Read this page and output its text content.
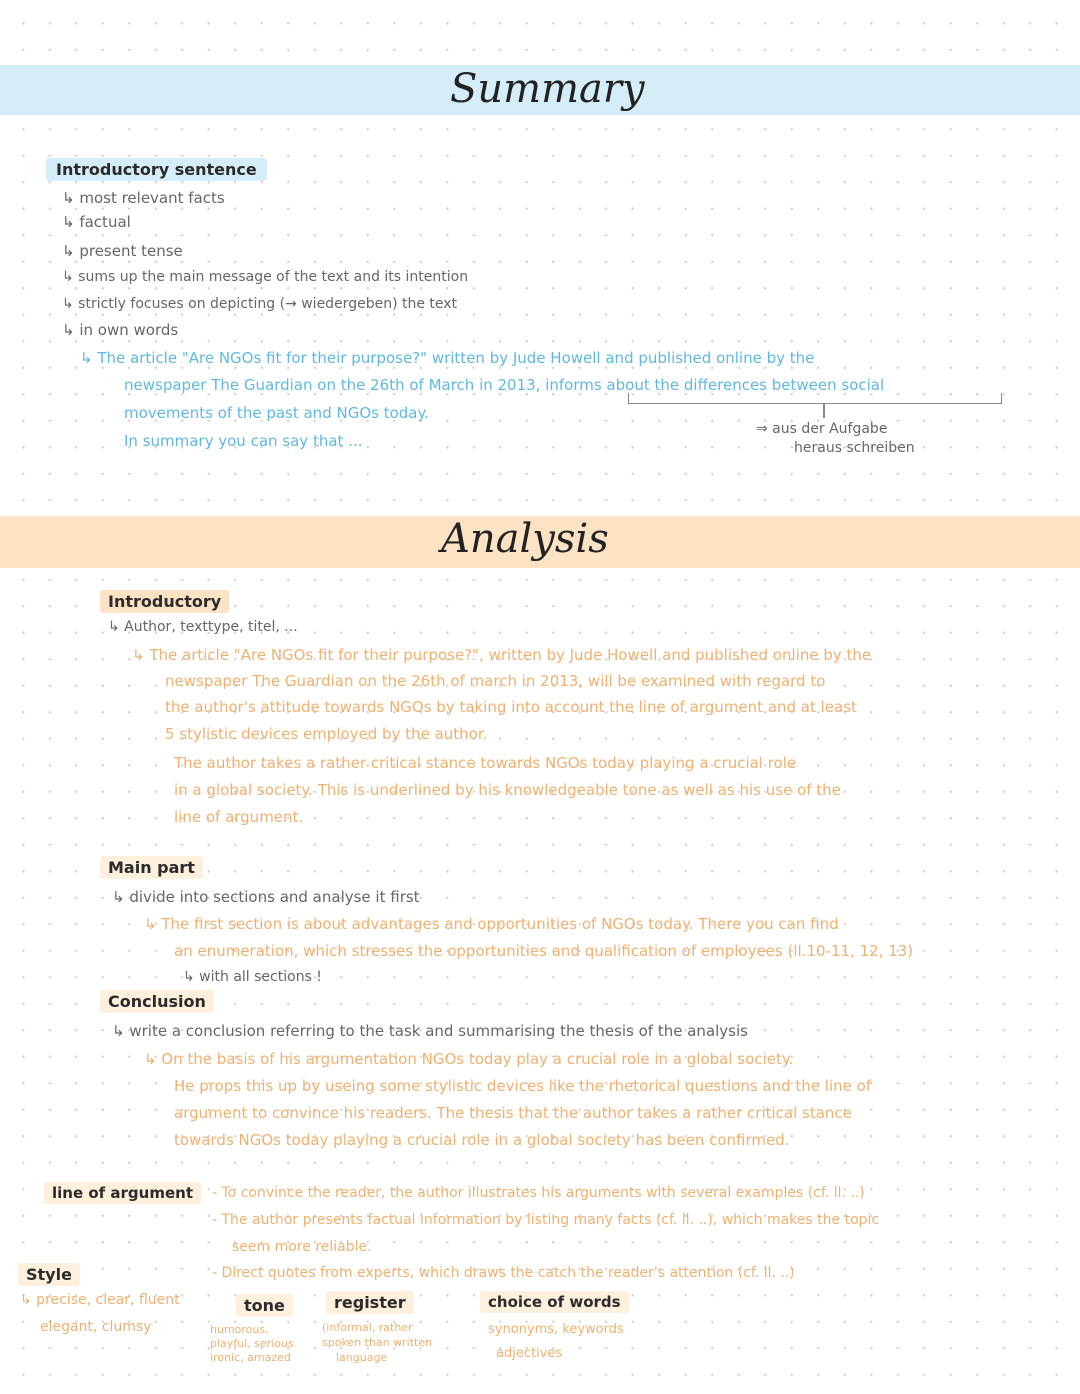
Summary
Introductory sentence
↳ most relevant facts
↳ factual
↳ present tense
↳ sums up the main message of the text and its intention
↳ strictly focuses on depicting (→ wiedergeben) the text
↳ in own words
↳ The article "Are NGOs fit for their purpose?" written by Jude Howell and published online by the
newspaper The Guardian on the 26th of March in 2013, informs about the differences between social
movements of the past and NGOs today.
In summary you can say that ...
⇒ aus der Aufgabe
heraus schreiben
Analysis
Introductory
↳ Author, texttype, titel, ...
↳ The article "Are NGOs fit for their purpose?", written by Jude Howell and published online by the
newspaper The Guardian on the 26th of march in 2013, will be examined with regard to
the author's attitude towards NGOs by taking into account the line of argument and at least
5 stylistic devices employed by the author.
The author takes a rather critical stance towards NGOs today playing a crucial role
in a global society. This is underlined by his knowledgeable tone as well as his use of the
line of argument.
Main part
↳ divide into sections and analyse it first
↳ The first section is about advantages and opportunities of NGOs today. There you can find
an enumeration, which stresses the opportunities and qualification of employees (ll.10-11, 12, 13)
↳ with all sections !
Conclusion
↳ write a conclusion referring to the task and summarising the thesis of the analysis
↳ On the basis of his argumentation NGOs today play a crucial role in a global society.
He props this up by useing some stylistic devices like the rhetorical questions and the line of
argument to convince his readers. The thesis that the author takes a rather critical stance
towards NGOs today playing a crucial role in a global society has been confirmed.
line of argument	- To convince the reader, the author illustrates his arguments with several examples (cf. ll. ..)
- The author presents factual information by listing many facts (cf. ll. ..), which makes the topic
seem more reliable.
- Direct quotes from experts, which draws the catch the reader's attention (cf. ll. ..)
Style
↳ precise, clear, fluent
elegant, clumsy
tone
humorous,
playful, serious
ironic, amazed
register
(informal, rather
spoken than written
language
choice of words
synonyms, keywords
adjectives
